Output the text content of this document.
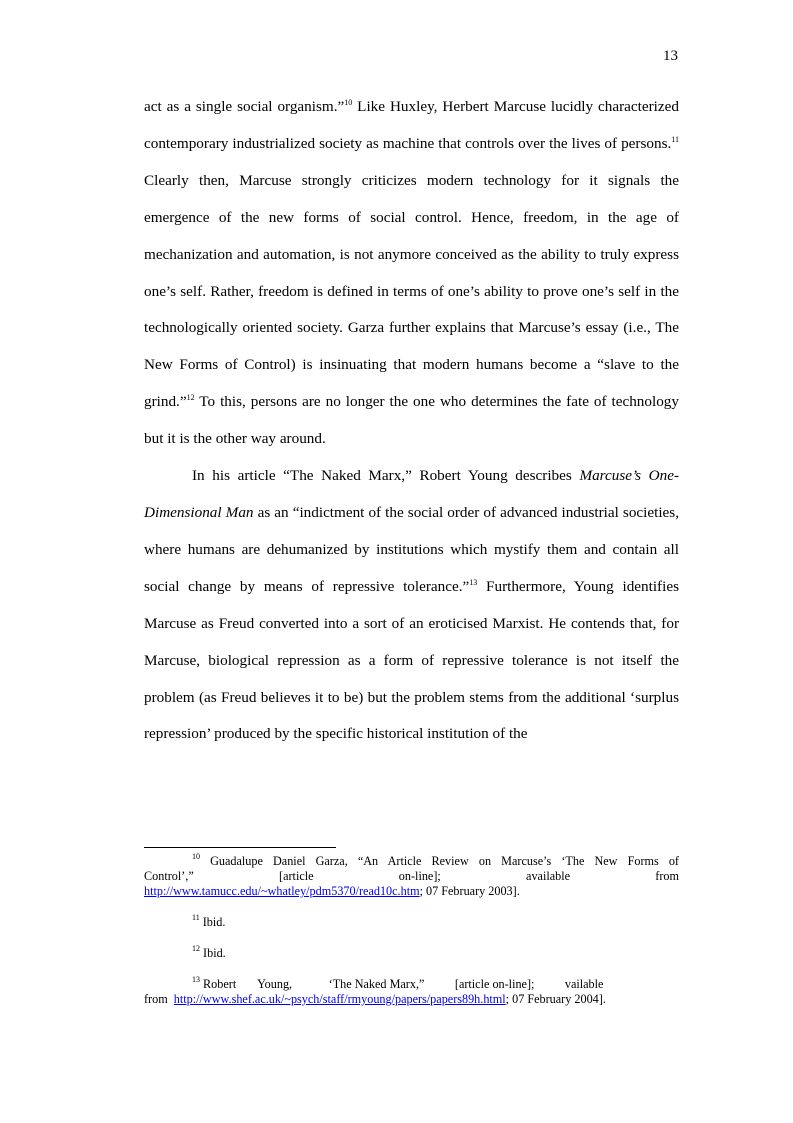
13

act as a single social organism.”$^{10}$ Like Huxley, Herbert Marcuse lucidly characterized contemporary industrialized society as machine that controls over the lives of persons.$^{11}$ Clearly then, Marcuse strongly criticizes modern technology for it signals the emergence of the new forms of social control. Hence, freedom, in the age of mechanization and automation, is not anymore conceived as the ability to truly express one’s self. Rather, freedom is defined in terms of one’s ability to prove one’s self in the technologically oriented society. Garza further explains that Marcuse’s essay (i.e., The New Forms of Control) is insinuating that modern humans become a “slave to the grind.”$^{12}$ To this, persons are no longer the one who determines the fate of technology but it is the other way around.

In his article “The Naked Marx,” Robert Young describes Marcuse’s One-Dimensional Man as an “indictment of the social order of advanced industrial societies, where humans are dehumanized by institutions which mystify them and contain all social change by means of repressive tolerance.”$^{13}$ Furthermore, Young identifies Marcuse as Freud converted into a sort of an eroticised Marxist. He contends that, for Marcuse, biological repression as a form of repressive tolerance is not itself the problem (as Freud believes it to be) but the problem stems from the additional ‘surplus repression’ produced by the specific historical institution of the

$^{10}$ Guadalupe Daniel Garza, “An Article Review on Marcuse’s ‘The New Forms of
Control’,”                    [article                    on-line];                    available                    from
http://www.tamucc.edu/~whatley/pdm5370/read10c.htm; 07 February 2003].
$^{11}$ Ibid.
$^{12}$ Ibid.
$^{13}$ Robert       Young,            ‘The Naked Marx,”          [article on-line];          vailable
from  http://www.shef.ac.uk/~psych/staff/rmyoung/papers/papers89h.html; 07 February 2004].
